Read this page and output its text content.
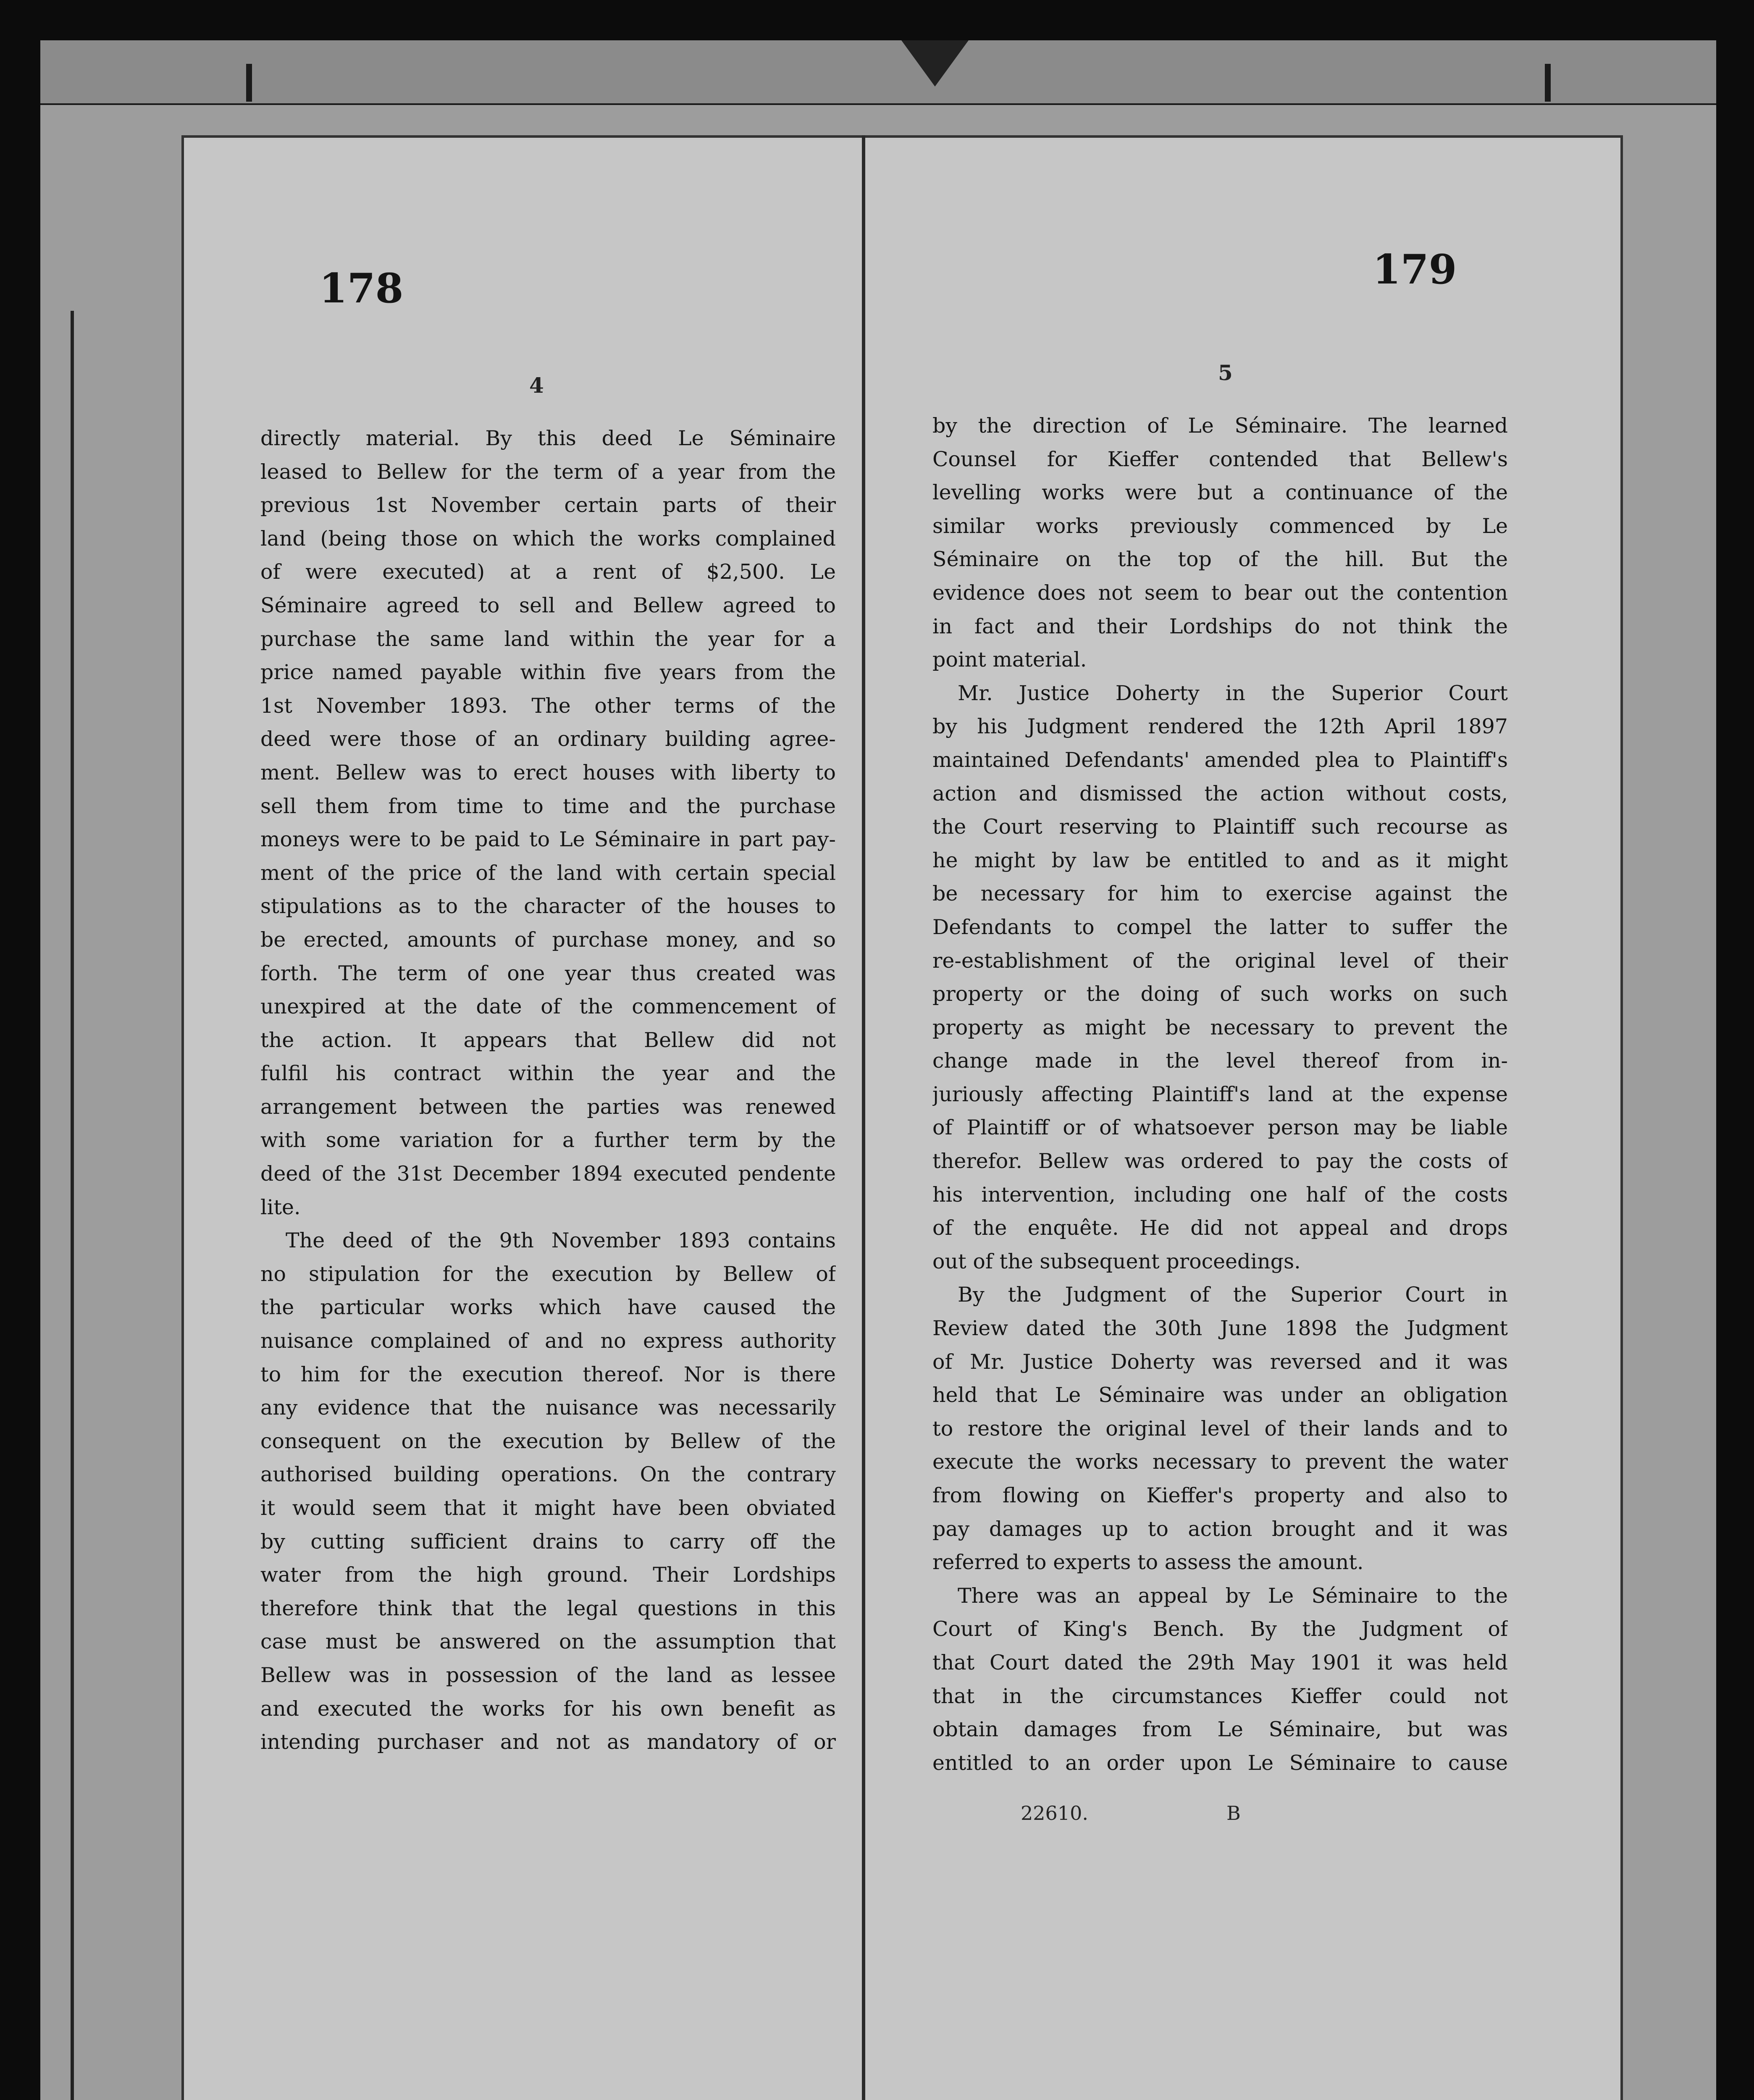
178	179
4
5
directly material. By this deed Le Séminaire
leased to Bellew for the term of a year from the
previous 1st November certain parts of their
land (being those on which the works complained
of were executed) at a rent of $2,500. Le
Séminaire agreed to sell and Bellew agreed to
purchase the same land within the year for a
price named payable within five years from the
1st November 1893. The other terms of the
deed were those of an ordinary building agree-
ment. Bellew was to erect houses with liberty to
sell them from time to time and the purchase
moneys were to be paid to Le Séminaire in part pay-
ment of the price of the land with certain special
stipulations as to the character of the houses to
be erected, amounts of purchase money, and so
forth. The term of one year thus created was
unexpired at the date of the commencement of
the action. It appears that Bellew did not
fulfil his contract within the year and the
arrangement between the parties was renewed
with some variation for a further term by the
deed of the 31st December 1894 executed pendente
lite.
The deed of the 9th November 1893 contains
no stipulation for the execution by Bellew of
the particular works which have caused the
nuisance complained of and no express authority
to him for the execution thereof. Nor is there
any evidence that the nuisance was necessarily
consequent on the execution by Bellew of the
authorised building operations. On the contrary
it would seem that it might have been obviated
by cutting sufficient drains to carry off the
water from the high ground. Their Lordships
therefore think that the legal questions in this
case must be answered on the assumption that
Bellew was in possession of the land as lessee
and executed the works for his own benefit as
intending purchaser and not as mandatory of or
by the direction of Le Séminaire. The learned
Counsel for Kieffer contended that Bellew's
levelling works were but a continuance of the
similar works previously commenced by Le
Séminaire on the top of the hill. But the
evidence does not seem to bear out the contention
in fact and their Lordships do not think the
point material.
Mr. Justice Doherty in the Superior Court
by his Judgment rendered the 12th April 1897
maintained Defendants' amended plea to Plaintiff's
action and dismissed the action without costs,
the Court reserving to Plaintiff such recourse as
he might by law be entitled to and as it might
be necessary for him to exercise against the
Defendants to compel the latter to suffer the
re-establishment of the original level of their
property or the doing of such works on such
property as might be necessary to prevent the
change made in the level thereof from in-
juriously affecting Plaintiff's land at the expense
of Plaintiff or of whatsoever person may be liable
therefor. Bellew was ordered to pay the costs of
his intervention, including one half of the costs
of the enquête. He did not appeal and drops
out of the subsequent proceedings.
By the Judgment of the Superior Court in
Review dated the 30th June 1898 the Judgment
of Mr. Justice Doherty was reversed and it was
held that Le Séminaire was under an obligation
to restore the original level of their lands and to
execute the works necessary to prevent the water
from flowing on Kieffer's property and also to
pay damages up to action brought and it was
referred to experts to assess the amount.
There was an appeal by Le Séminaire to the
Court of King's Bench. By the Judgment of
that Court dated the 29th May 1901 it was held
that in the circumstances Kieffer could not
obtain damages from Le Séminaire, but was
entitled to an order upon Le Séminaire to cause
22610.	B
